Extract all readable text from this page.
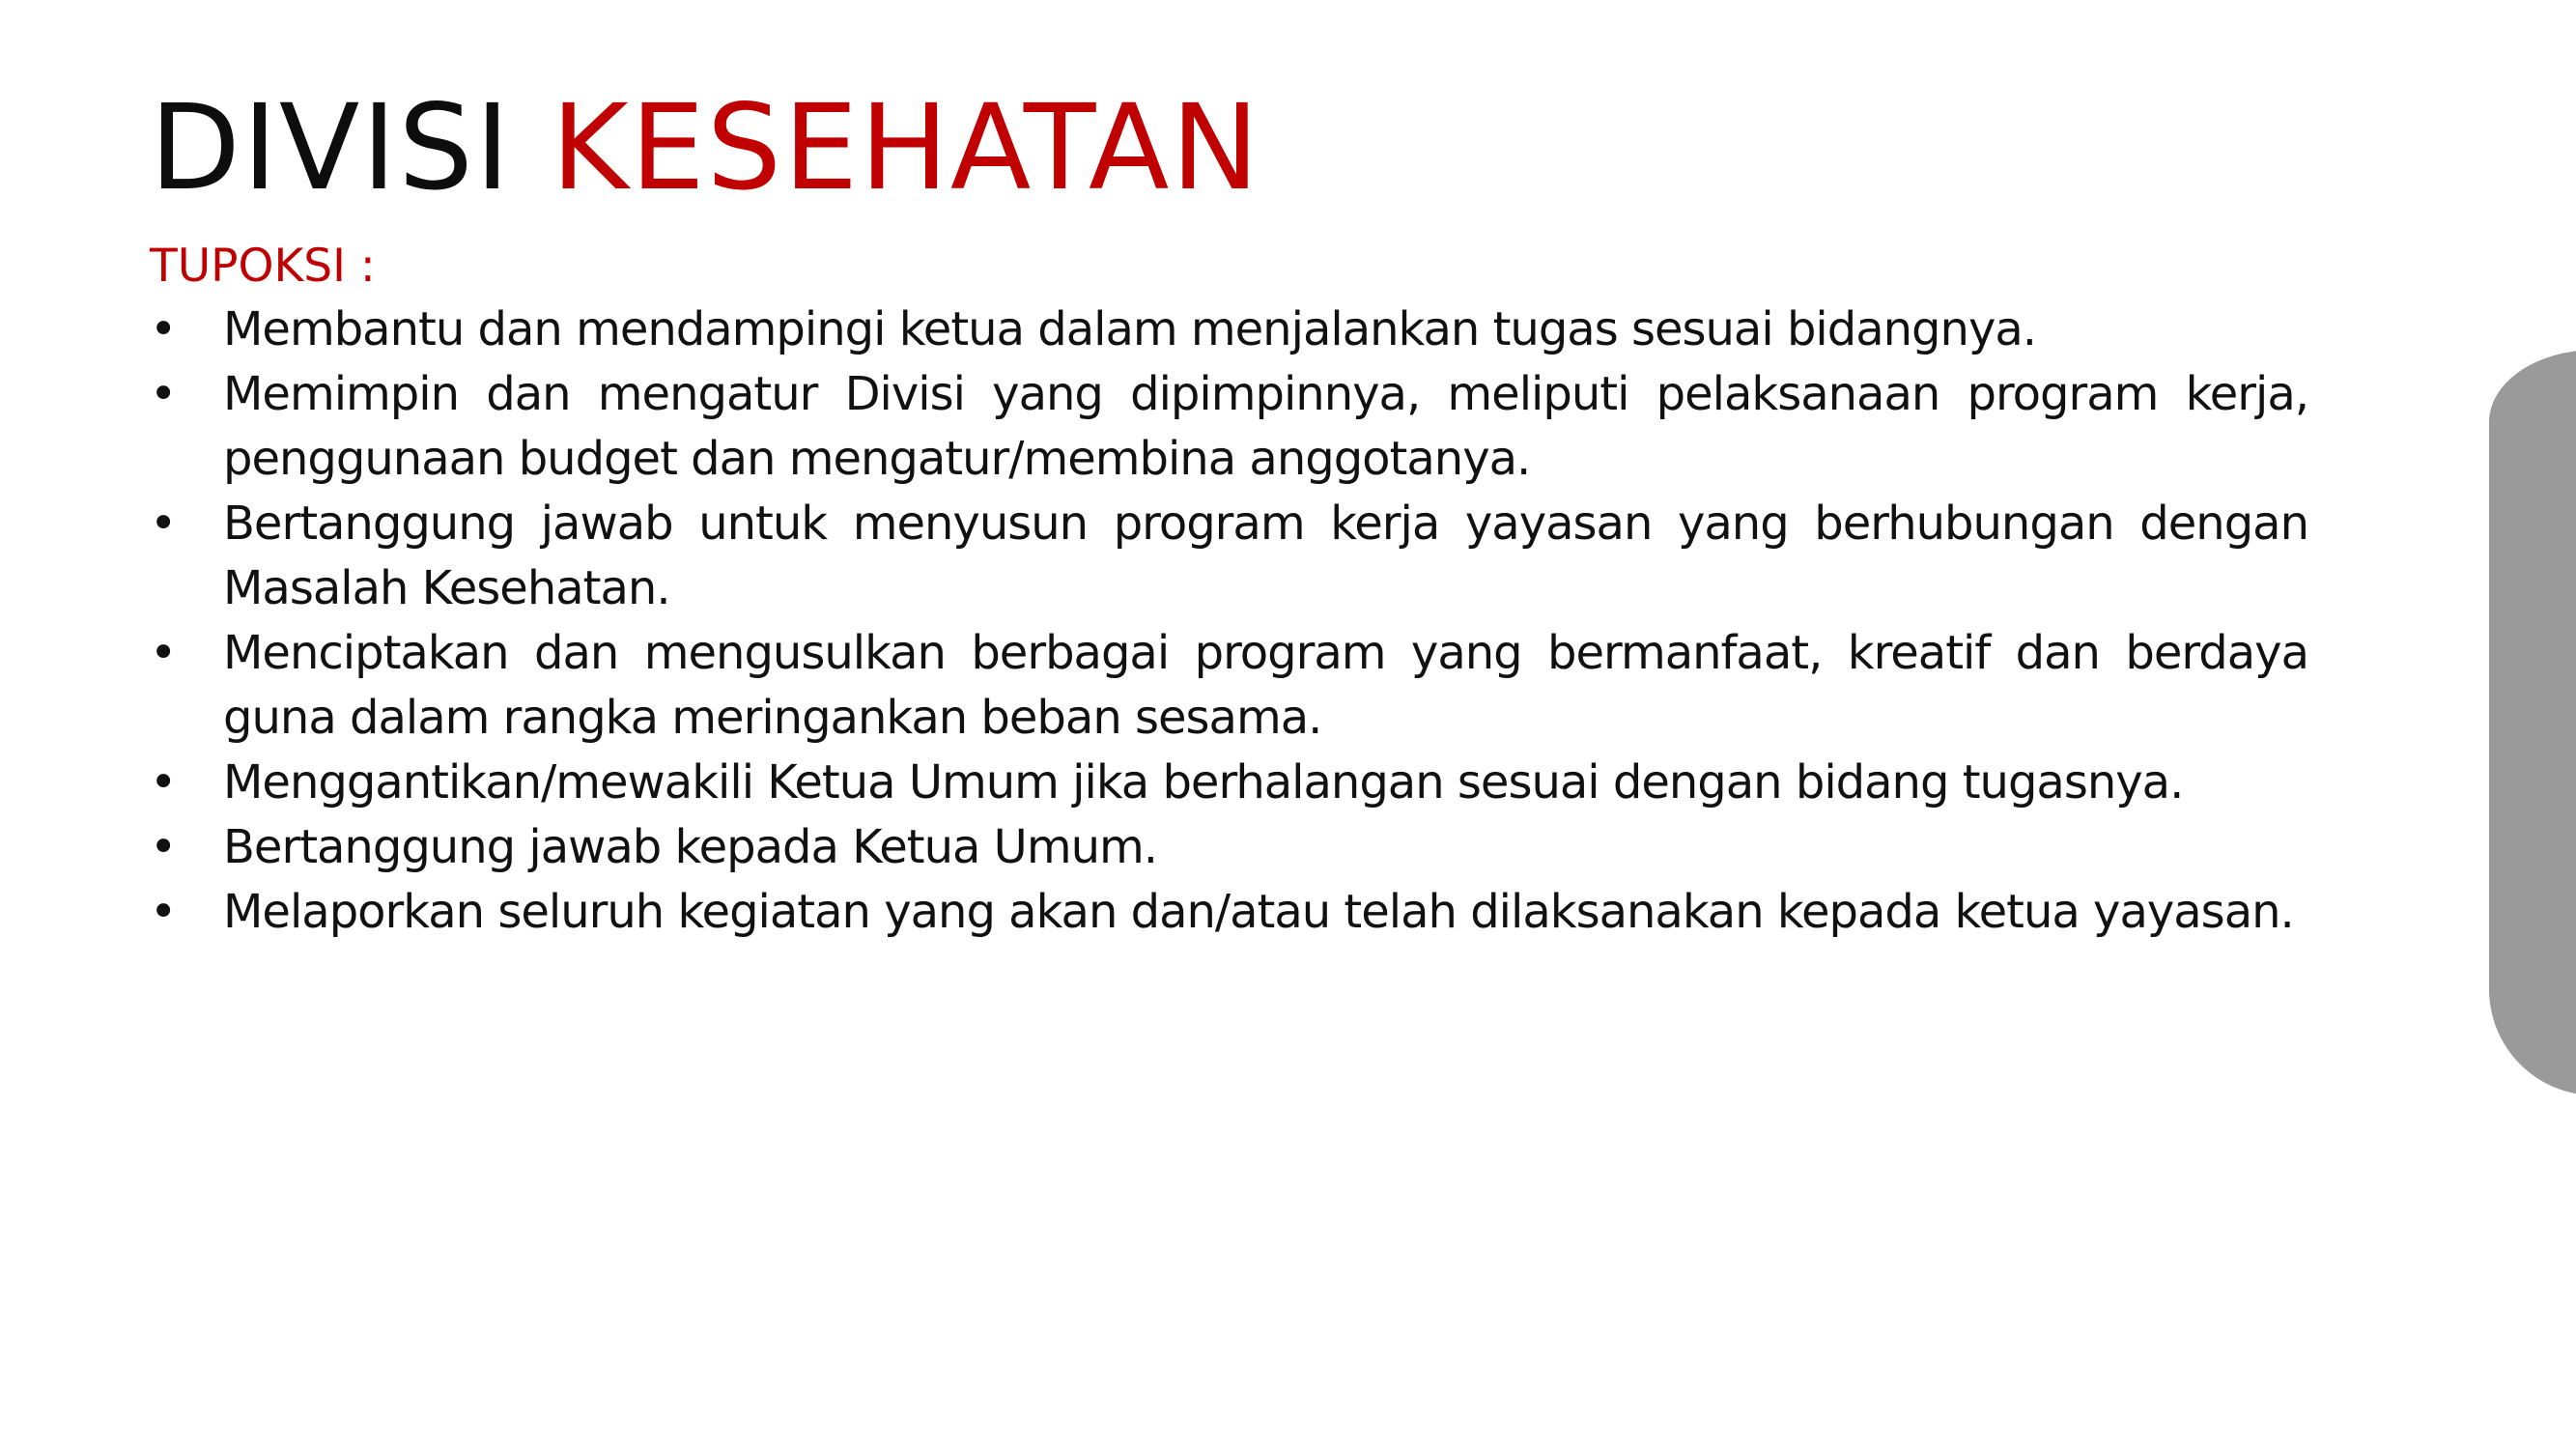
DIVISI KESEHATAN
TUPOKSI :
• Membantu dan mendampingi ketua dalam menjalankan tugas sesuai bidangnya.
• Memimpin dan mengatur Divisi yang dipimpinnya, meliputi pelaksanaan program kerja, penggunaan budget dan mengatur/membina anggotanya.
• Bertanggung jawab untuk menyusun program kerja yayasan yang berhubungan dengan Masalah Kesehatan.
• Menciptakan dan mengusulkan berbagai program yang bermanfaat, kreatif dan berdaya guna dalam rangka meringankan beban sesama.
• Menggantikan/mewakili Ketua Umum jika berhalangan sesuai dengan bidang tugasnya.
• Bertanggung jawab kepada Ketua Umum.
• Melaporkan seluruh kegiatan yang akan dan/atau telah dilaksanakan kepada ketua yayasan.
